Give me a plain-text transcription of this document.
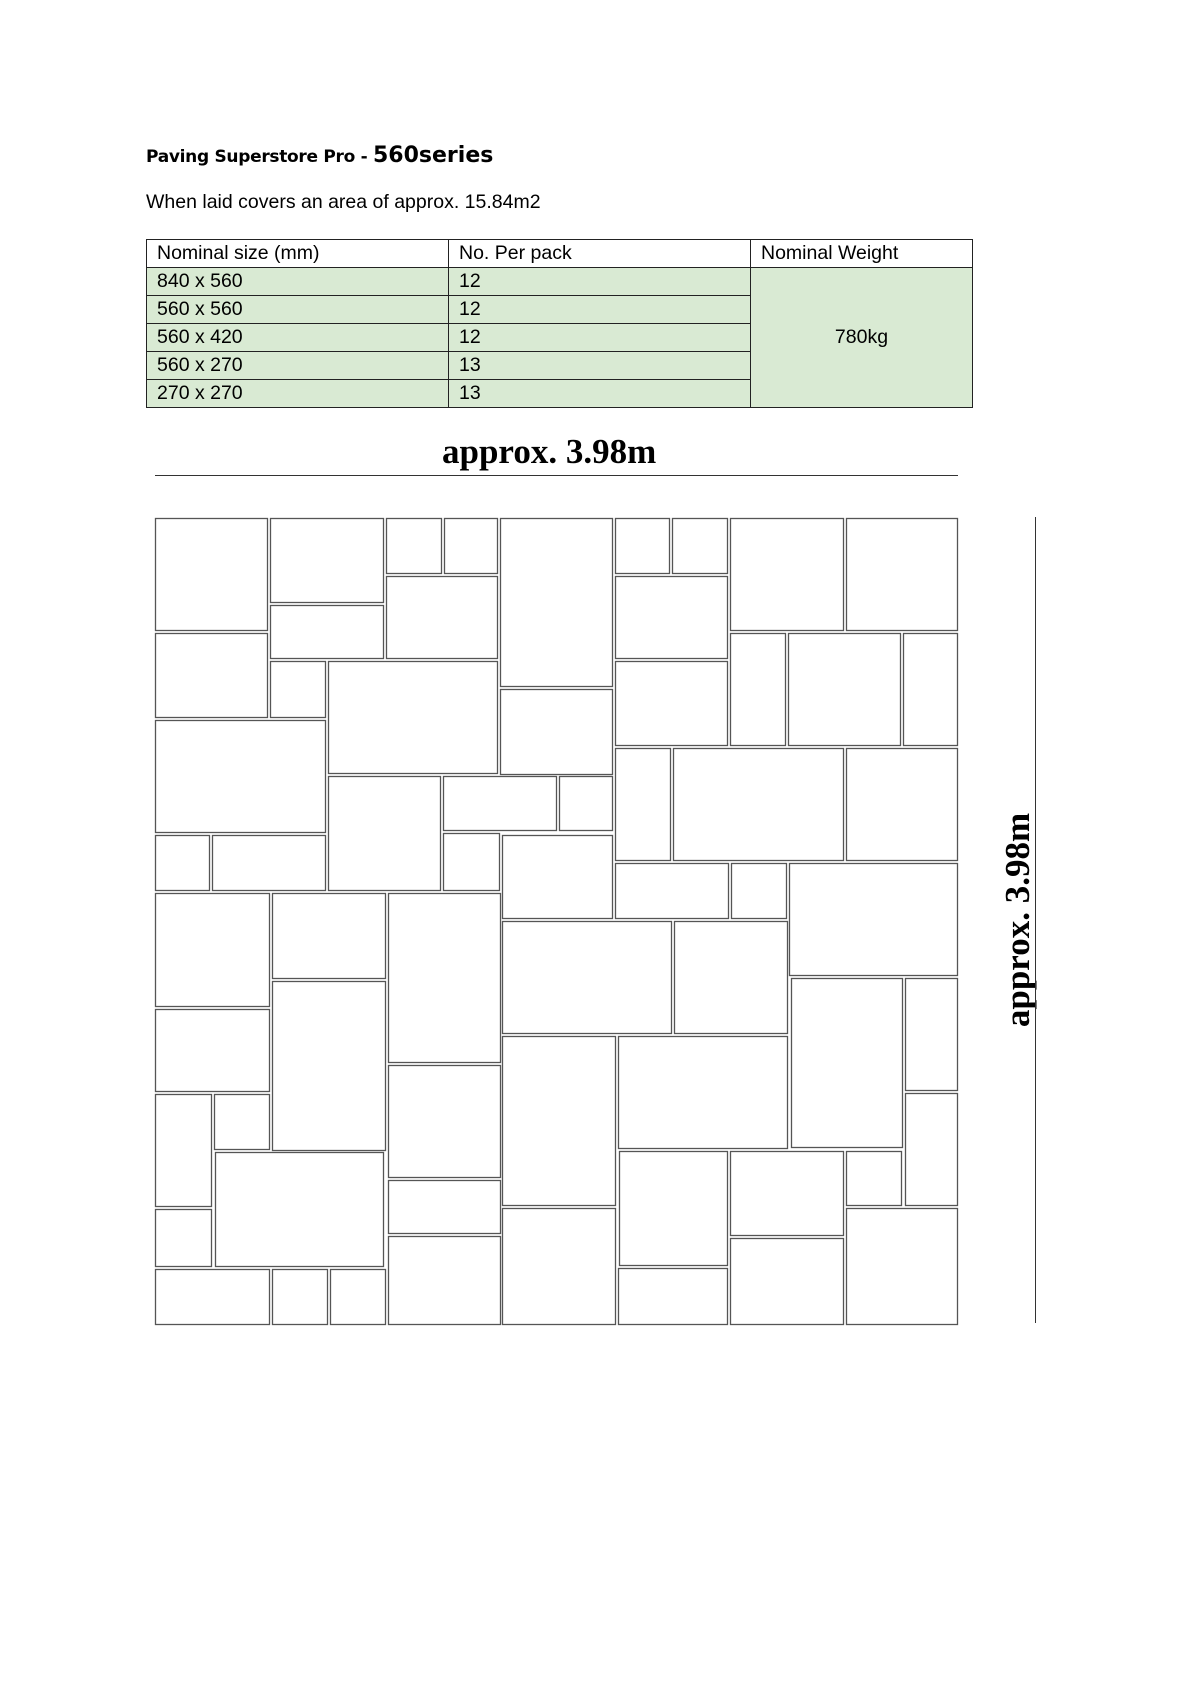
Paving Superstore Pro - 560series
When laid covers an area of approx. 15.84m2
Nominal size (mm)	No. Per pack	Nominal Weight
840 x 560	12	780kg
560 x 560	12	
560 x 420	12	
560 x 270	13	
270 x 270	13	
approx. 3.98m
approx. 3.98m
